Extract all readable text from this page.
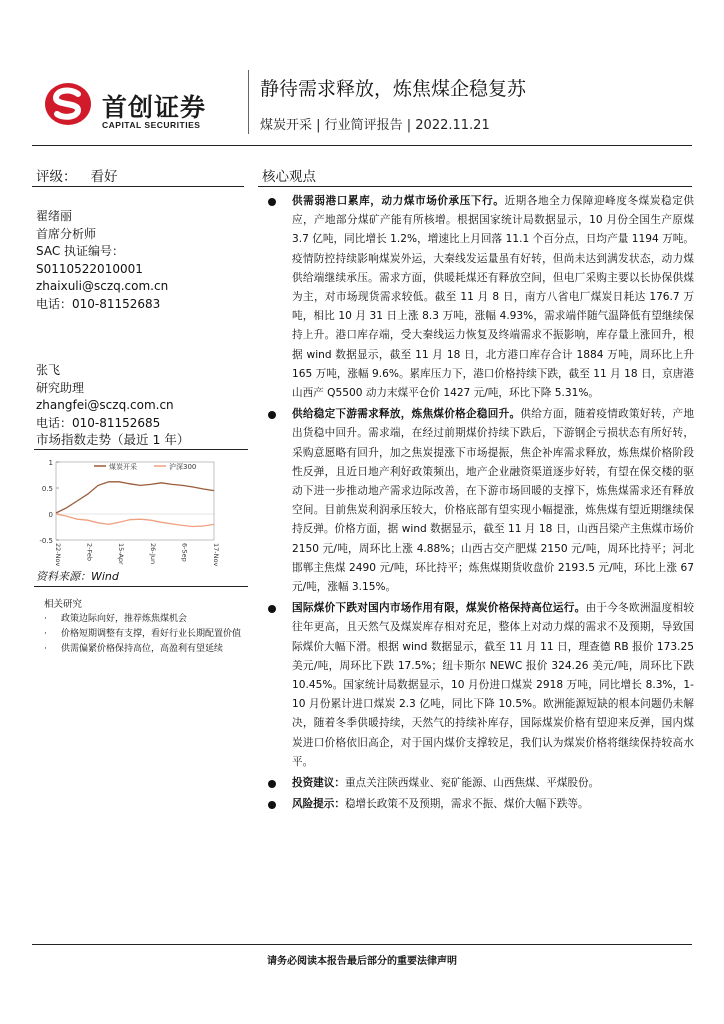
首创证券
CAPITAL SECURITIES
静待需求释放，炼焦煤企稳复苏
煤炭开采 | 行业简评报告 | 2022.11.21
评级： 看好	核心观点
翟绪丽
首席分析师
SAC 执证编号：
S0110522010001
zhaixuli@sczq.com.cn
电话：010-81152683
张飞
研究助理
zhangfei@sczq.com.cn
电话：010-81152685
市场指数走势（最近 1 年）
-0.5
0
0.5
1
22-Nov	2-Feb	15-Apr	26-Jun	6-Sep	17-Nov
煤炭开采	沪深300
资料来源：Wind
相关研究
· 政策边际向好，推荐炼焦煤机会
· 价格短期调整有支撑，看好行业长期配置价值
· 供需偏紧价格保持高位，高盈利有望延续
供需弱港口累库，动力煤市场价承压下行。近期各地全力保障迎峰度冬煤炭稳定供应，产地部分煤矿产能有所核增。根据国家统计局数据显示，10 月份全国生产原煤 3.7 亿吨，同比增长 1.2%，增速比上月回落 11.1 个百分点，日均产量 1194 万吨。疫情防控持续影响煤炭外运，大秦线发运量虽有好转，但尚未达到满发状态，动力煤供给端继续承压。需求方面，供暖耗煤还有释放空间，但电厂采购主要以长协保供煤为主，对市场现货需求较低。截至 11 月 8 日，南方八省电厂煤炭日耗达 176.7 万吨，相比 10 月 31 日上涨 8.3 万吨，涨幅 4.93%，需求端伴随气温降低有望继续保持上升。港口库存端，受大秦线运力恢复及终端需求不振影响，库存量上涨回升，根据 wind 数据显示，截至 11 月 18 日，北方港口库存合计 1884 万吨，周环比上升 165 万吨，涨幅 9.6%。累库压力下，港口价格持续下跌，截至 11 月 18 日，京唐港山西产 Q5500 动力末煤平仓价 1427 元/吨，环比下降 5.31%。
供给稳定下游需求释放，炼焦煤价格企稳回升。供给方面，随着疫情政策好转，产地出货稳中回升。需求端，在经过前期煤价持续下跌后，下游钢企亏损状态有所好转，采购意愿略有回升，加之焦炭提涨下市场提振，焦企补库需求释放，炼焦煤价格阶段性反弹，且近日地产利好政策频出，地产企业融资渠道逐步好转，有望在保交楼的驱动下进一步推动地产需求边际改善，在下游市场回暖的支撑下，炼焦煤需求还有释放空间。目前焦炭利润承压较大，价格底部有望实现小幅提涨，炼焦煤有望近期继续保持反弹。价格方面，据 wind 数据显示，截至 11 月 18 日，山西吕梁产主焦煤市场价 2150 元/吨，周环比上涨 4.88%；山西古交产肥煤 2150 元/吨，周环比持平；河北邯郸主焦煤 2490 元/吨，环比持平；炼焦煤期货收盘价 2193.5 元/吨，环比上涨 67 元/吨，涨幅 3.15%。
国际煤价下跌对国内市场作用有限，煤炭价格保持高位运行。由于今冬欧洲温度相较往年更高，且天然气及煤炭库存相对充足，整体上对动力煤的需求不及预期，导致国际煤价大幅下滑。根据 wind 数据显示，截至 11 月 11 日，理查德 RB 报价 173.25 美元/吨，周环比下跌 17.5%；纽卡斯尔 NEWC 报价 324.26 美元/吨，周环比下跌 10.45%。国家统计局数据显示，10 月份进口煤炭 2918 万吨，同比增长 8.3%，1-10 月份累计进口煤炭 2.3 亿吨，同比下降 10.5%。欧洲能源短缺的根本问题仍未解决，随着冬季供暖持续，天然气的持续补库存，国际煤炭价格有望迎来反弹，国内煤炭进口价格依旧高企，对于国内煤价支撑较足，我们认为煤炭价格将继续保持较高水平。
投资建议：重点关注陕西煤业、兖矿能源、山西焦煤、平煤股份。
风险提示：稳增长政策不及预期，需求不振、煤价大幅下跌等。
请务必阅读本报告最后部分的重要法律声明
